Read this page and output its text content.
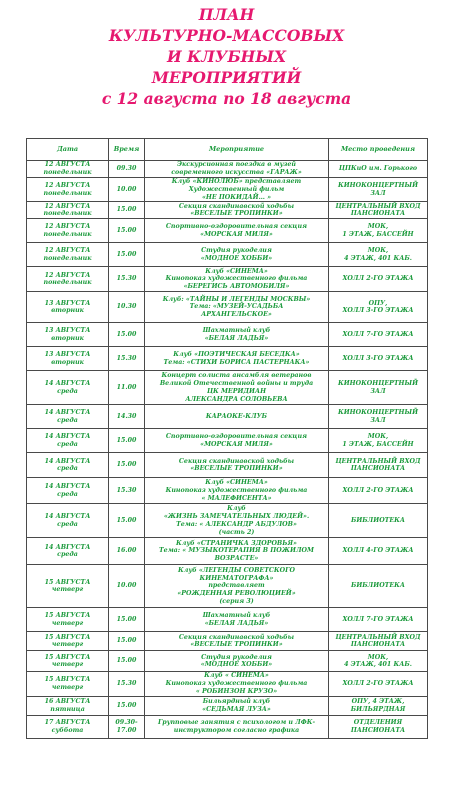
ПЛАН
КУЛЬТУРНО-МАССОВЫХ
И КЛУБНЫХ
МЕРОПРИЯТИЙ
с 12 августа по 18 августа
Дата	Время	Мероприятие	Место проведения

12 АВГУСТА
понедельник	09.30	Экскурсионная поездка в музей
современного искусства «ГАРАЖ»	ЦПКиО им. Горького

12 АВГУСТА
понедельник	10.00	Клуб «КИНОЛЮБ» представляет
Художественный фильм
«НЕ ПОКИДАЙ… »	КИНОКОНЦЕРТНЫЙ
ЗАЛ

12 АВГУСТА
понедельник	15.00	Секция скандинавской ходьбы
«ВЕСЕЛЫЕ ТРОПИНКИ»	ЦЕНТРАЛЬНЫЙ ВХОД
ПАНСИОНАТА

12 АВГУСТА
понедельник	15.00	Спортивно-оздоровительная секция
«МОРСКАЯ МИЛЯ»	МОК,
1 ЭТАЖ, БАССЕЙН

12 АВГУСТА
понедельник	15.00	Студия рукоделия
«МОДНОЕ ХОББИ»	МОК,
4 ЭТАЖ, 401 КАБ.

12 АВГУСТА
понедельник	15.30	Клуб «СИНЕМА»
Кинопоказ художественного фильма
«БЕРЕГИСЬ АВТОМОБИЛЯ»	ХОЛЛ 2-ГО ЭТАЖА

13 АВГУСТА
вторник	10.30	Клуб: «ТАЙНЫ И ЛЕГЕНДЫ МОСКВЫ»
Тема: «МУЗЕЙ-УСАДЬБА
АРХАНГЕЛЬСКОЕ»	ОПУ,
ХОЛЛ 3-ГО ЭТАЖА

13 АВГУСТА
вторник	15.00	Шахматный клуб
«БЕЛАЯ ЛАДЬЯ»	ХОЛЛ 7-ГО ЭТАЖА

13 АВГУСТА
вторник	15.30	Клуб «ПОЭТИЧЕСКАЯ БЕСЕДКА»
Тема: «СТИХИ БОРИСА ПАСТЕРНАКА»	ХОЛЛ 3-ГО ЭТАЖА

14 АВГУСТА
среда	11.00	Концерт солиста ансамбля ветеранов
Великой Отечественной войны и труда
ЦК МЕРИДИАН
АЛЕКСАНДРА СОЛОВЬЕВА	КИНОКОНЦЕРТНЫЙ
ЗАЛ

14 АВГУСТА
среда	14.30	КАРАОКЕ-КЛУБ	КИНОКОНЦЕРТНЫЙ
ЗАЛ

14 АВГУСТА
среда	15.00	Спортивно-оздоровительная секция
«МОРСКАЯ МИЛЯ»	МОК,
1 ЭТАЖ, БАССЕЙН

14 АВГУСТА
среда	15.00	Секция скандинавской ходьбы
«ВЕСЕЛЫЕ ТРОПИНКИ»	ЦЕНТРАЛЬНЫЙ ВХОД
ПАНСИОНАТА

14 АВГУСТА
среда	15.30	Клуб «СИНЕМА»
Кинопоказ художественного фильма
« МАЛЕФИСЕНТА»	ХОЛЛ 2-ГО ЭТАЖА

14 АВГУСТА
среда	15.00	Клуб
«ЖИЗНЬ ЗАМЕЧАТЕЛЬНЫХ ЛЮДЕЙ».
Тема: « АЛЕКСАНДР АБДУЛОВ»
(часть 2)	БИБЛИОТЕКА

14 АВГУСТА
среда	16.00	Клуб «СТРАНИЧКА ЗДОРОВЬЯ»
Тема: « МУЗЫКОТЕРАПИЯ В ПОЖИЛОМ
ВОЗРАСТЕ»	ХОЛЛ 4-ГО ЭТАЖА

15 АВГУСТА
четверг	10.00	Клуб «ЛЕГЕНДЫ СОВЕТСКОГО
КИНЕМАТОГРАФА»
представляет
«РОЖДЕННАЯ РЕВОЛЮЦИЕЙ»
(серия 3)	БИБЛИОТЕКА

15 АВГУСТА
четверг	15.00	Шахматный клуб
«БЕЛАЯ ЛАДЬЯ»	ХОЛЛ 7-ГО ЭТАЖА

15 АВГУСТА
четверг	15.00	Секция скандинавской ходьбы
«ВЕСЕЛЫЕ ТРОПИНКИ»	ЦЕНТРАЛЬНЫЙ ВХОД
ПАНСИОНАТА

15 АВГУСТА
четверг	15.00	Студия рукоделия
«МОДНОЕ ХОББИ»	МОК,
4 ЭТАЖ, 401 КАБ.

15 АВГУСТА
четверг	15.30	Клуб « СИНЕМА»
Кинопоказ художественного фильма
« РОБИНЗОН КРУЗО»	ХОЛЛ 2-ГО ЭТАЖА

16 АВГУСТА
пятница	15.00	Бильярдный клуб
«СЕДЬМАЯ ЛУЗА»	ОПУ, 4 ЭТАЖ,
БИЛЬЯРДНАЯ

17 АВГУСТА
суббота	09.30-
17.00	Групповые занятия с психологом и ЛФК-
инструктором согласно графика	ОТДЕЛЕНИЯ
ПАНСИОНАТА
